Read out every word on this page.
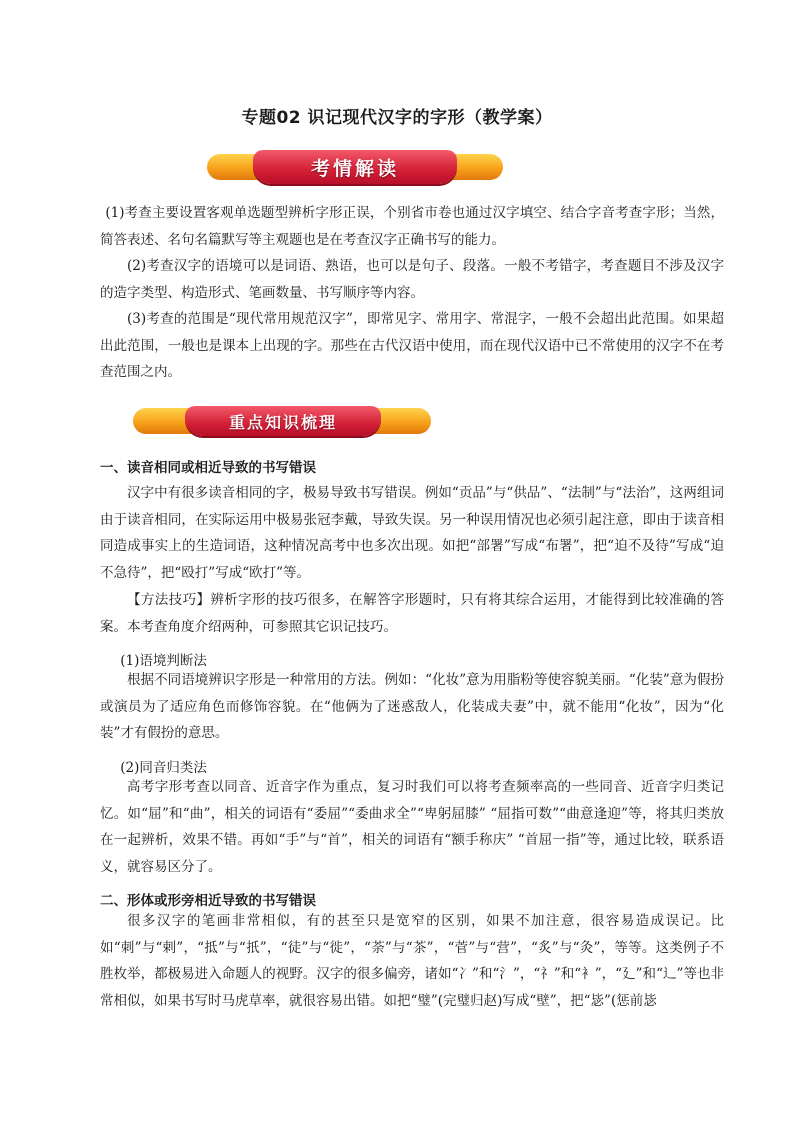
专题02 识记现代汉字的字形（教学案）
考情解读

(1)考查主要设置客观单选题型辨析字形正误，个别省市卷也通过汉字填空、结合字音考查字形；当然，简答表述、名句名篇默写等主观题也是在考查汉字正确书写的能力。

(2)考查汉字的语境可以是词语、熟语，也可以是句子、段落。一般不考错字，考查题目不涉及汉字的造字类型、构造形式、笔画数量、书写顺序等内容。

(3)考查的范围是“现代常用规范汉字”，即常见字、常用字、常混字，一般不会超出此范围。如果超出此范围，一般也是课本上出现的字。那些在古代汉语中使用，而在现代汉语中已不常使用的汉字不在考查范围之内。

重点知识梳理

一、读音相同或相近导致的书写错误

汉字中有很多读音相同的字，极易导致书写错误。例如“贡品”与“供品”、“法制”与“法治”，这两组词由于读音相同，在实际运用中极易张冠李戴，导致失误。另一种误用情况也必须引起注意，即由于读音相同造成事实上的生造词语，这种情况高考中也多次出现。如把“部署”写成“布署”，把“迫不及待”写成“迫不急待”，把“殴打”写成“欧打”等。

【方法技巧】辨析字形的技巧很多，在解答字形题时，只有将其综合运用，才能得到比较准确的答案。本考查角度介绍两种，可参照其它识记技巧。

(1)语境判断法

根据不同语境辨识字形是一种常用的方法。例如：“化妆”意为用脂粉等使容貌美丽。“化装”意为假扮或演员为了适应角色而修饰容貌。在“他俩为了迷惑敌人，化装成夫妻”中，就不能用“化妆”，因为“化装”才有假扮的意思。

(2)同音归类法

高考字形考查以同音、近音字作为重点，复习时我们可以将考查频率高的一些同音、近音字归类记忆。如“屈”和“曲”，相关的词语有“委屈”“委曲求全”“卑躬屈膝” “屈指可数”“曲意逢迎”等，将其归类放在一起辨析，效果不错。再如“手”与“首”，相关的词语有“额手称庆” “首屈一指”等，通过比较，联系语义，就容易区分了。

二、形体或形旁相近导致的书写错误

很多汉字的笔画非常相似，有的甚至只是宽窄的区别，如果不加注意，很容易造成误记。比如“刺”与“剌”，“抵”与“扺”，“徒”与“徙”，“荼”与“茶”，“菅”与“营”，“炙”与“灸”，等等。这类例子不胜枚举，都极易进入命题人的视野。汉字的很多偏旁，诸如“冫”和“氵”，“礻”和“衤”，“廴”和“辶”等也非常相似，如果书写时马虎草率，就很容易出错。如把“璧”(完璧归赵)写成“壁”，把“毖”(惩前毖
